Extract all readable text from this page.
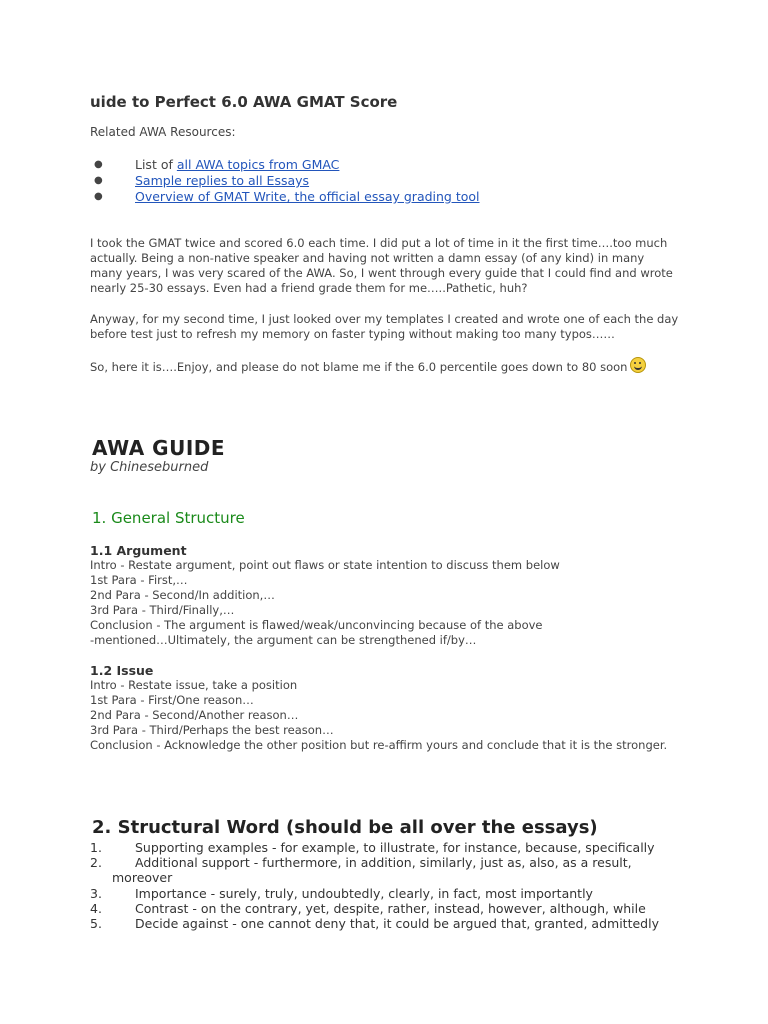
uide to Perfect 6.0 AWA GMAT Score
Related AWA Resources:
●	List of all AWA topics from GMAC
●	Sample replies to all Essays
●	Overview of GMAT Write, the official essay grading tool

I took the GMAT twice and scored 6.0 each time. I did put a lot of time in it the first time….too much actually. Being a non-native speaker and having not written a damn essay (of any kind) in many many years, I was very scared of the AWA. So, I went through every guide that I could find and wrote nearly 25-30 essays. Even had a friend grade them for me…..Pathetic, huh?

Anyway, for my second time, I just looked over my templates I created and wrote one of each the day before test just to refresh my memory on faster typing without making too many typos……

So, here it is….Enjoy, and please do not blame me if the 6.0 percentile goes down to 80 soon

AWA GUIDE
by Chineseburned
1. General Structure
1.1 Argument
Intro - Restate argument, point out flaws or state intention to discuss them below
1st Para - First,…
2nd Para - Second/In addition,…
3rd Para - Third/Finally,…
Conclusion - The argument is flawed/weak/unconvincing because of the above
-mentioned…Ultimately, the argument can be strengthened if/by…
1.2 Issue
Intro - Restate issue, take a position
1st Para - First/One reason…
2nd Para - Second/Another reason…
3rd Para - Third/Perhaps the best reason…
Conclusion - Acknowledge the other position but re-affirm yours and conclude that it is the stronger.
2. Structural Word (should be all over the essays)
1.	Supporting examples - for example, to illustrate, for instance, because, specifically
2.	Additional support - furthermore, in addition, similarly, just as, also, as a result,
moreover
3.	Importance - surely, truly, undoubtedly, clearly, in fact, most importantly
4.	Contrast - on the contrary, yet, despite, rather, instead, however, although, while
5.	Decide against - one cannot deny that, it could be argued that, granted, admittedly
